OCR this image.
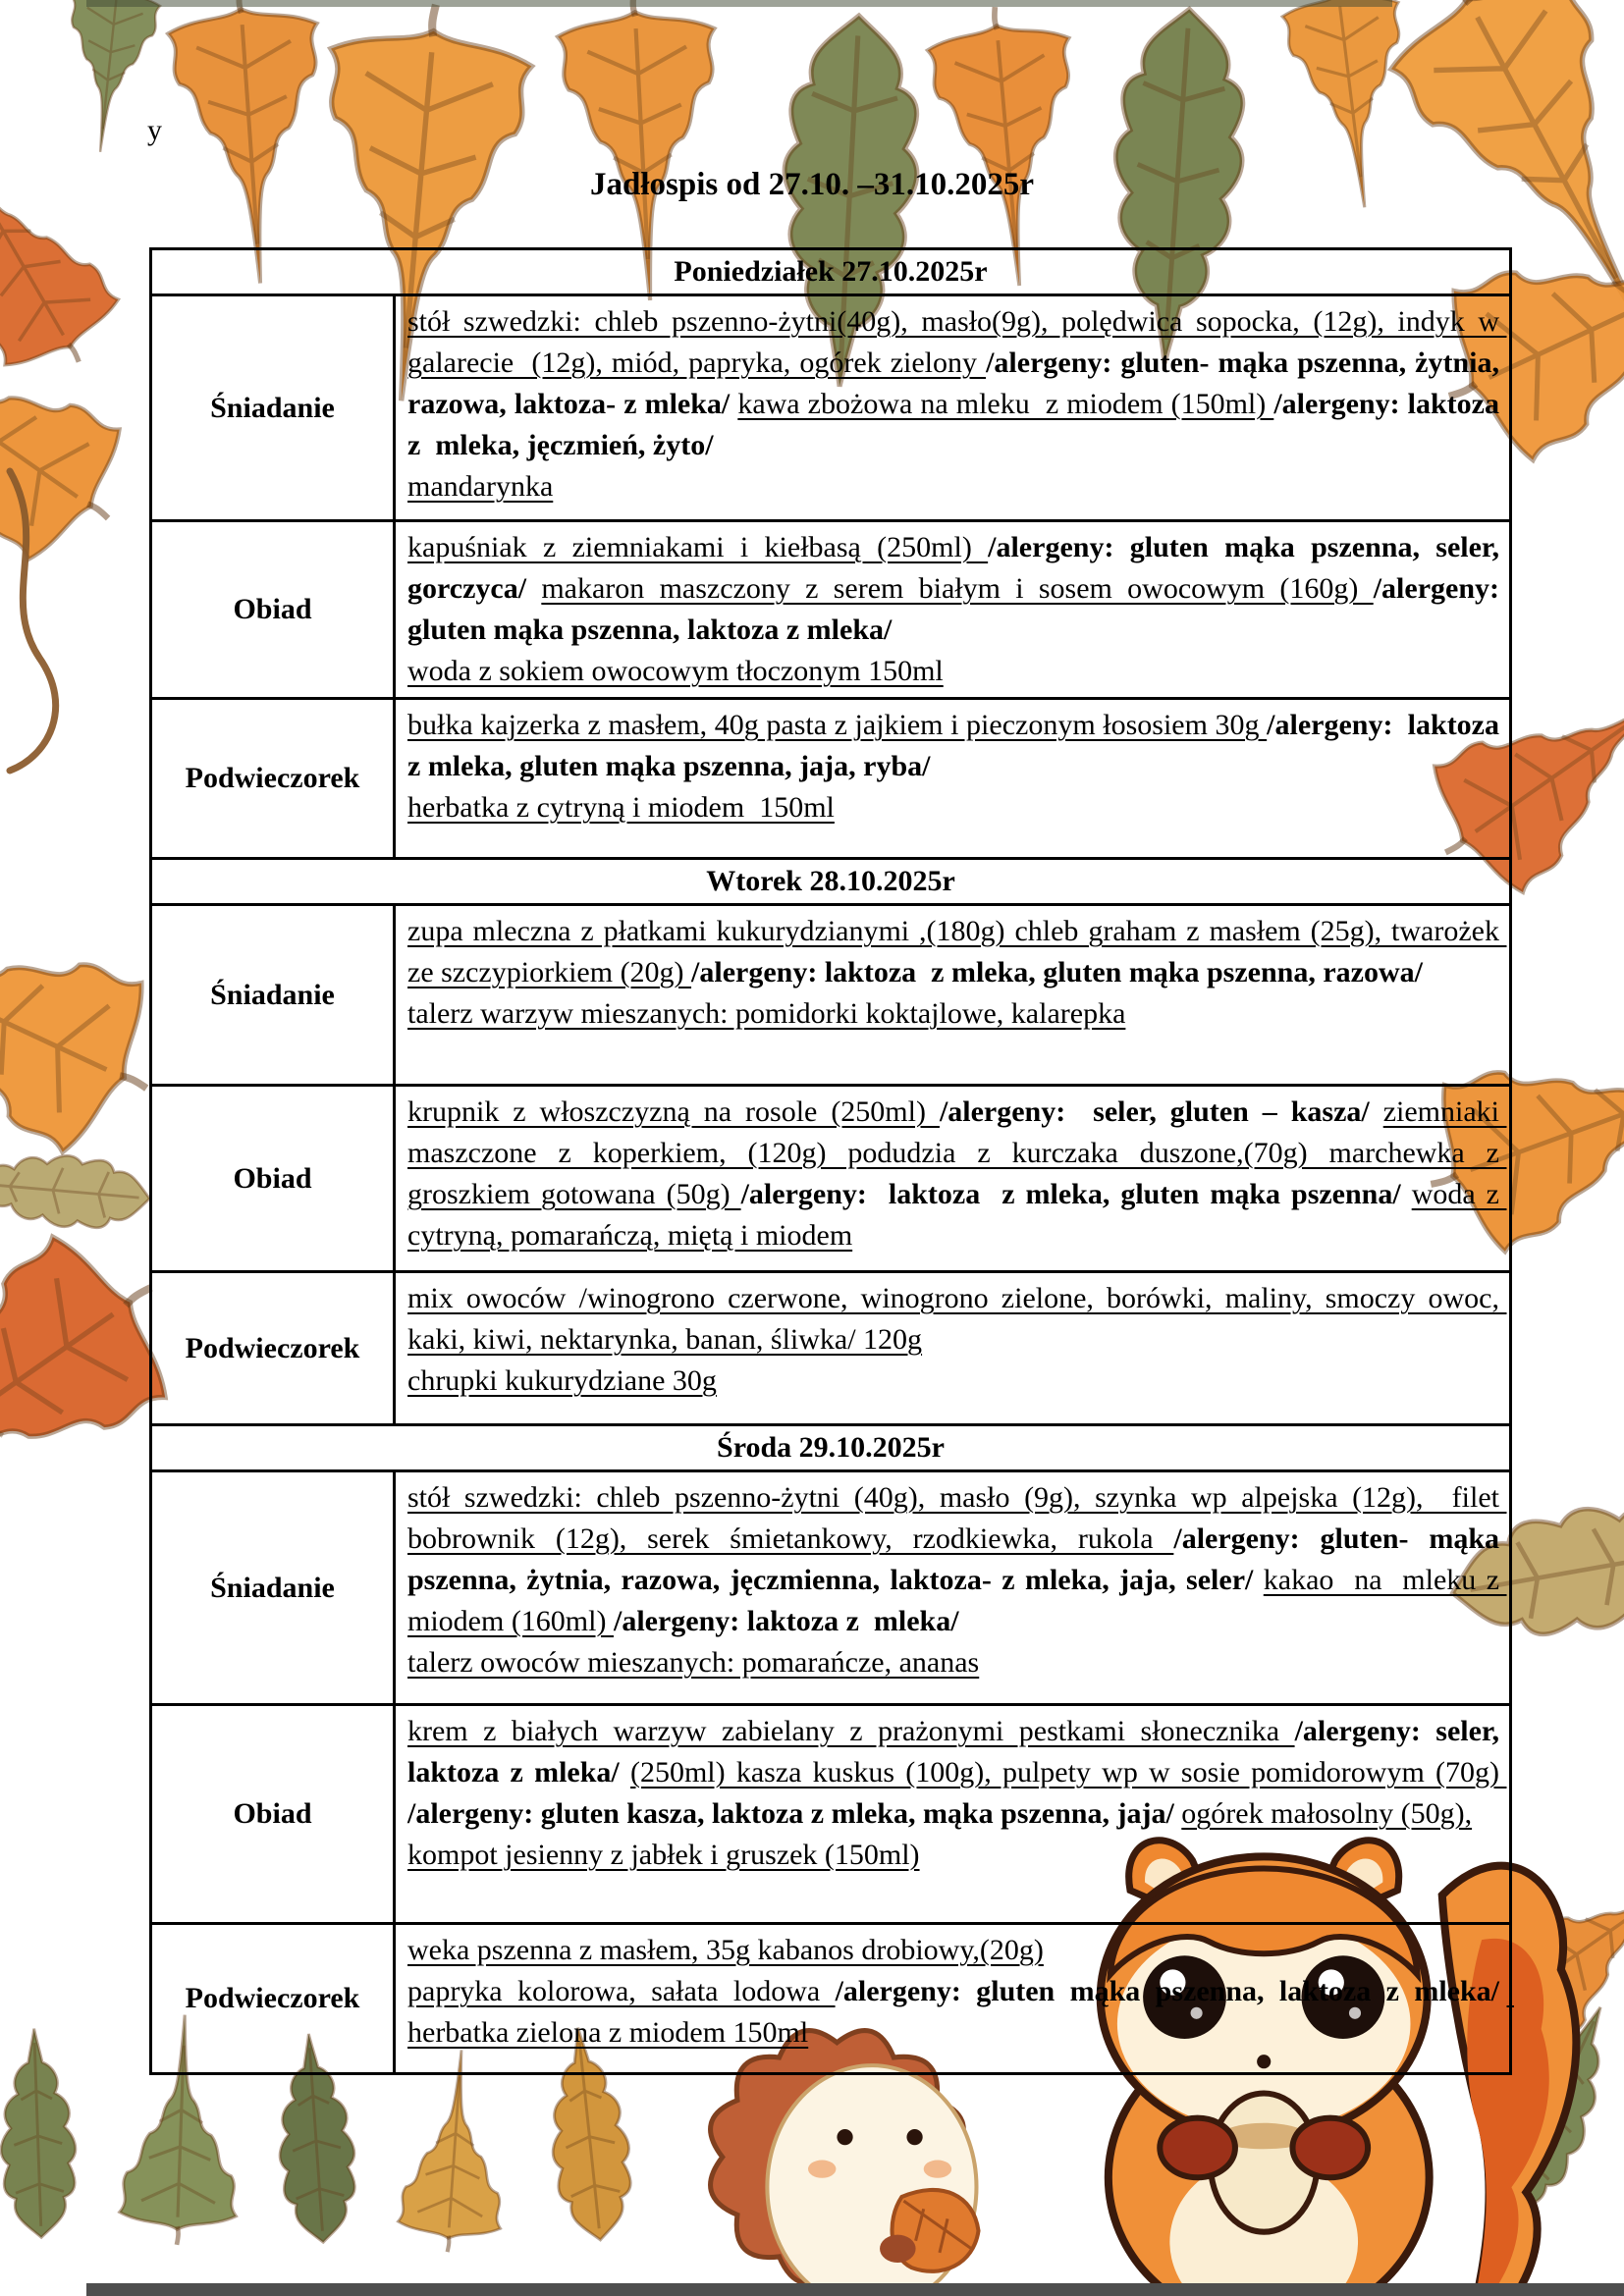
y
Jadłospis od 27.10. –31.10.2025r
Poniedziałek 27.10.2025r	
Śniadanie	stół szwedzki: chleb pszenno-żytni(40g), masło(9g), polędwica sopocka, (12g), indyk w galarecie  (12g), miód, papryka, ogórek zielony /alergeny: gluten- mąka pszenna, żytnia, razowa, laktoza- z mleka/ kawa zbożowa na mleku  z miodem (150ml) /alergeny: laktoza z  mleka, jęczmień, żyto/
mandarynka
Obiad	kapuśniak z ziemniakami i kiełbasą (250ml) /alergeny: gluten mąka pszenna, seler, gorczyca/ makaron maszczony z serem białym i sosem owocowym (160g) /alergeny: gluten mąka pszenna, laktoza z mleka/
woda z sokiem owocowym tłoczonym 150ml
Podwieczorek	bułka kajzerka z masłem, 40g pasta z jajkiem i pieczonym łososiem 30g /alergeny:  laktoza z mleka, gluten mąka pszenna, jaja, ryba/
herbatka z cytryną i miodem  150ml
Wtorek 28.10.2025r	
Śniadanie	zupa mleczna z płatkami kukurydzianymi ,(180g) chleb graham z masłem (25g), twarożek ze szczypiorkiem (20g) /alergeny: laktoza  z mleka, gluten mąka pszenna, razowa/
talerz warzyw mieszanych: pomidorki koktajlowe, kalarepka
Obiad	krupnik z włoszczyzną na rosole (250ml) /alergeny:  seler, gluten – kasza/ ziemniaki maszczone z koperkiem, (120g) podudzia z kurczaka duszone,(70g) marchewka z groszkiem gotowana (50g) /alergeny:  laktoza  z mleka, gluten mąka pszenna/ woda z cytryną, pomarańczą, miętą i miodem
Podwieczorek	mix owoców /winogrono czerwone, winogrono zielone, borówki, maliny, smoczy owoc, kaki, kiwi, nektarynka, banan, śliwka/ 120g
chrupki kukurydziane 30g
Środa 29.10.2025r	
Śniadanie	stół szwedzki: chleb pszenno-żytni (40g), masło (9g), szynka wp alpejska (12g),  filet bobrownik (12g), serek śmietankowy, rzodkiewka, rukola /alergeny: gluten- mąka pszenna, żytnia, razowa, jęczmienna, laktoza- z mleka, jaja, seler/ kakao  na  mleku z miodem (160ml) /alergeny: laktoza z  mleka/
talerz owoców mieszanych: pomarańcze, ananas
Obiad	krem z białych warzyw zabielany z prażonymi pestkami słonecznika /alergeny: seler, laktoza z mleka/ (250ml) kasza kuskus (100g), pulpety wp w sosie pomidorowym (70g) /alergeny: gluten kasza, laktoza z mleka, mąka pszenna, jaja/ ogórek małosolny (50g),
kompot jesienny z jabłek i gruszek (150ml)
Podwieczorek	weka pszenna z masłem, 35g kabanos drobiowy,(20g)
papryka kolorowa, sałata lodowa /alergeny: gluten mąka pszenna, laktoza z mleka/  herbatka zielona z miodem 150ml
